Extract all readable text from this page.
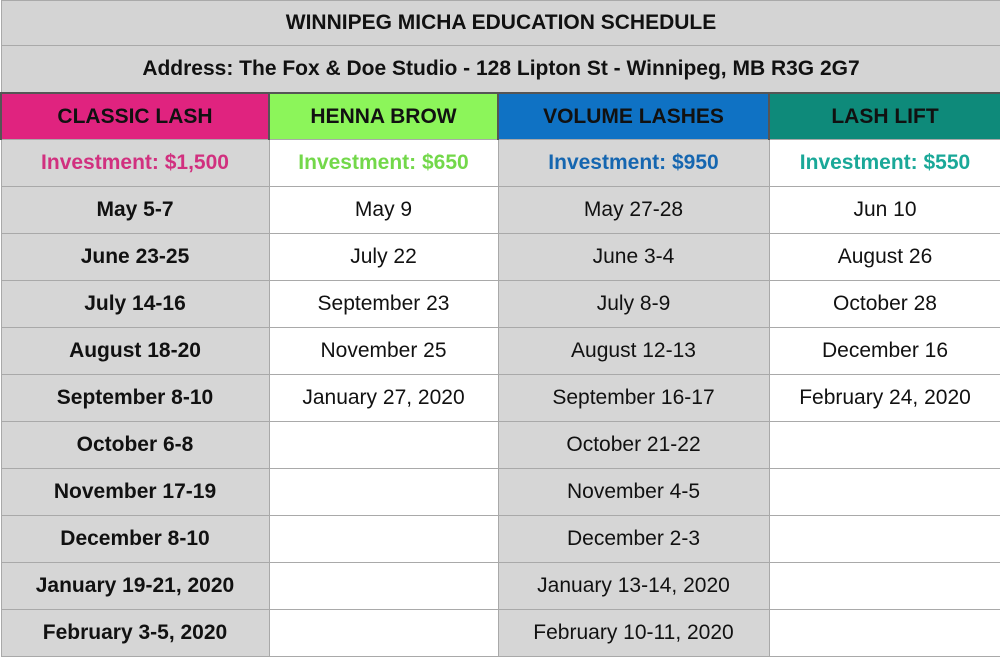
WINNIPEG MICHA EDUCATION SCHEDULE			
Address: The Fox & Doe Studio - 128 Lipton St - Winnipeg, MB R3G 2G7			
CLASSIC LASH	HENNA BROW	VOLUME LASHES	LASH LIFT
Investment: $1,500	Investment: $650	Investment: $950	Investment: $550
May 5-7	May 9	May 27-28	Jun 10
June 23-25	July 22	June 3-4	August 26
July 14-16	September 23	July 8-9	October 28
August 18-20	November 25	August 12-13	December 16
September 8-10	January 27, 2020	September 16-17	February 24, 2020
October 6-8		October 21-22	
November 17-19		November 4-5	
December 8-10		December 2-3	
January 19-21, 2020		January 13-14, 2020	
February 3-5, 2020		February 10-11, 2020	
